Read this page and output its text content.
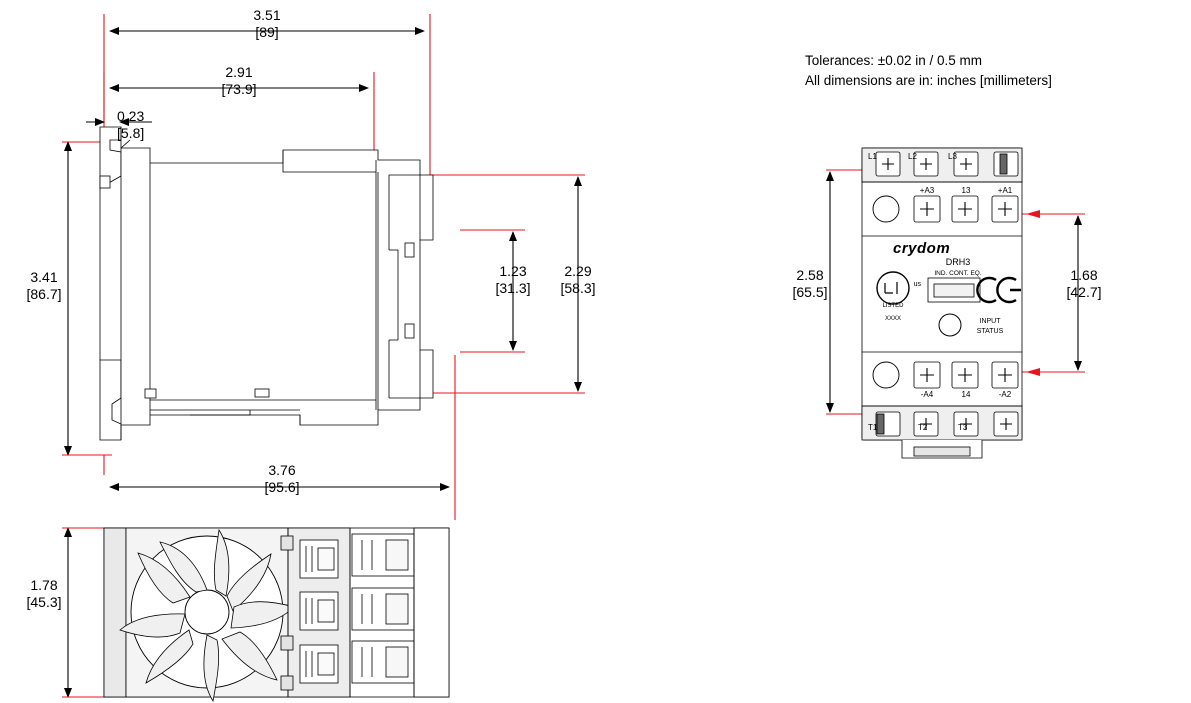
Tolerances: ±0.02 in / 0.5 mm
All dimensions are in: inches [millimeters]
3.51
[89]
2.91
[73.9]
0.23
[5.8]
3.41
[86.7]
1.23
[31.3]
2.29
[58.3]
3.76
[95.6]
1.78
[45.3]
2.58
[65.5]
1.68
[42.7]
L1	L2	L3
T1	T2	T3
+A3	13	+A1
-A4	14	-A2
crydom
DRH3
IND. CONT. EQ.
us
LISTED
XXXX	INPUT
STATUS
